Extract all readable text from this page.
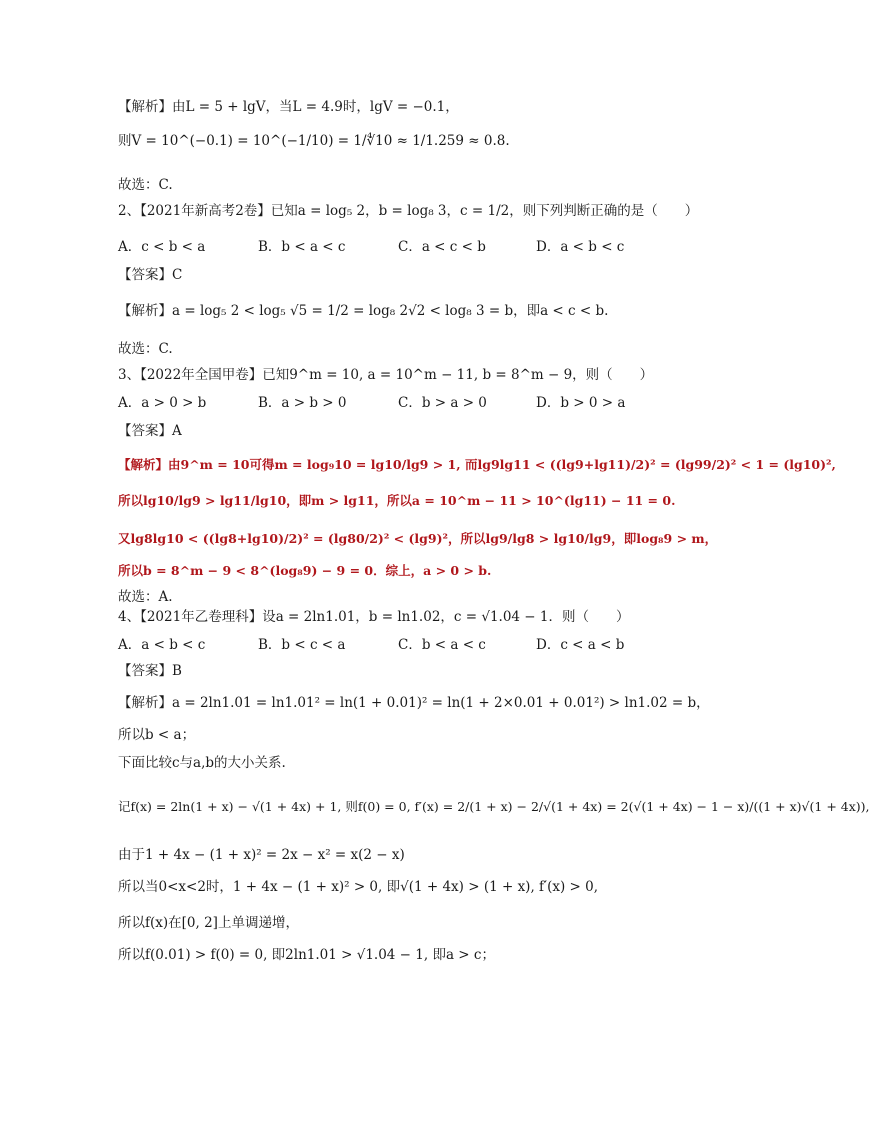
【解析】由L = 5 + lgV，当L = 4.9时，lgV = −0.1，
则V = 10^(−0.1) = 10^(−1/10) = 1/∜10 ≈ 1/1.259 ≈ 0.8.
故选：C.
2、【2021年新高考2卷】已知a = log₅ 2，b = log₈ 3，c = 1/2，则下列判断正确的是（　　）
A．c < b < a	B．b < a < c	C．a < c < b	D．a < b < c
【答案】C
【解析】a = log₅ 2 < log₅ √5 = 1/2 = log₈ 2√2 < log₈ 3 = b，即a < c < b.
故选：C.
3、【2022年全国甲卷】已知9^m = 10, a = 10^m − 11, b = 8^m − 9，则（　　）
A．a > 0 > b	B．a > b > 0	C．b > a > 0	D．b > 0 > a
【答案】A
【解析】由9^m = 10可得m = log₉10 = lg10/lg9 > 1, 而lg9lg11 < ((lg9+lg11)/2)² = (lg99/2)² < 1 = (lg10)²,
所以lg10/lg9 > lg11/lg10，即m > lg11，所以a = 10^m − 11 > 10^(lg11) − 11 = 0.
又lg8lg10 < ((lg8+lg10)/2)² = (lg80/2)² < (lg9)²，所以lg9/lg8 > lg10/lg9，即log₈9 > m，
所以b = 8^m − 9 < 8^(log₈9) − 9 = 0．综上，a > 0 > b.
故选：A.
4、【2021年乙卷理科】设a = 2ln1.01，b = ln1.02，c = √1.04 − 1．则（　　）
A．a < b < c	B．b < c < a	C．b < a < c	D．c < a < b
【答案】B
【解析】a = 2ln1.01 = ln1.01² = ln(1 + 0.01)² = ln(1 + 2×0.01 + 0.01²) > ln1.02 = b，
所以b < a；
下面比较c与a,b的大小关系.
记f(x) = 2ln(1 + x) − √(1 + 4x) + 1, 则f(0) = 0, f′(x) = 2/(1 + x) − 2/√(1 + 4x) = 2(√(1 + 4x) − 1 − x)/((1 + x)√(1 + 4x)),
由于1 + 4x − (1 + x)² = 2x − x² = x(2 − x)
所以当0<x<2时，1 + 4x − (1 + x)² > 0, 即√(1 + 4x) > (1 + x), f′(x) > 0,
所以f(x)在[0, 2]上单调递增，
所以f(0.01) > f(0) = 0, 即2ln1.01 > √1.04 − 1, 即a > c；
